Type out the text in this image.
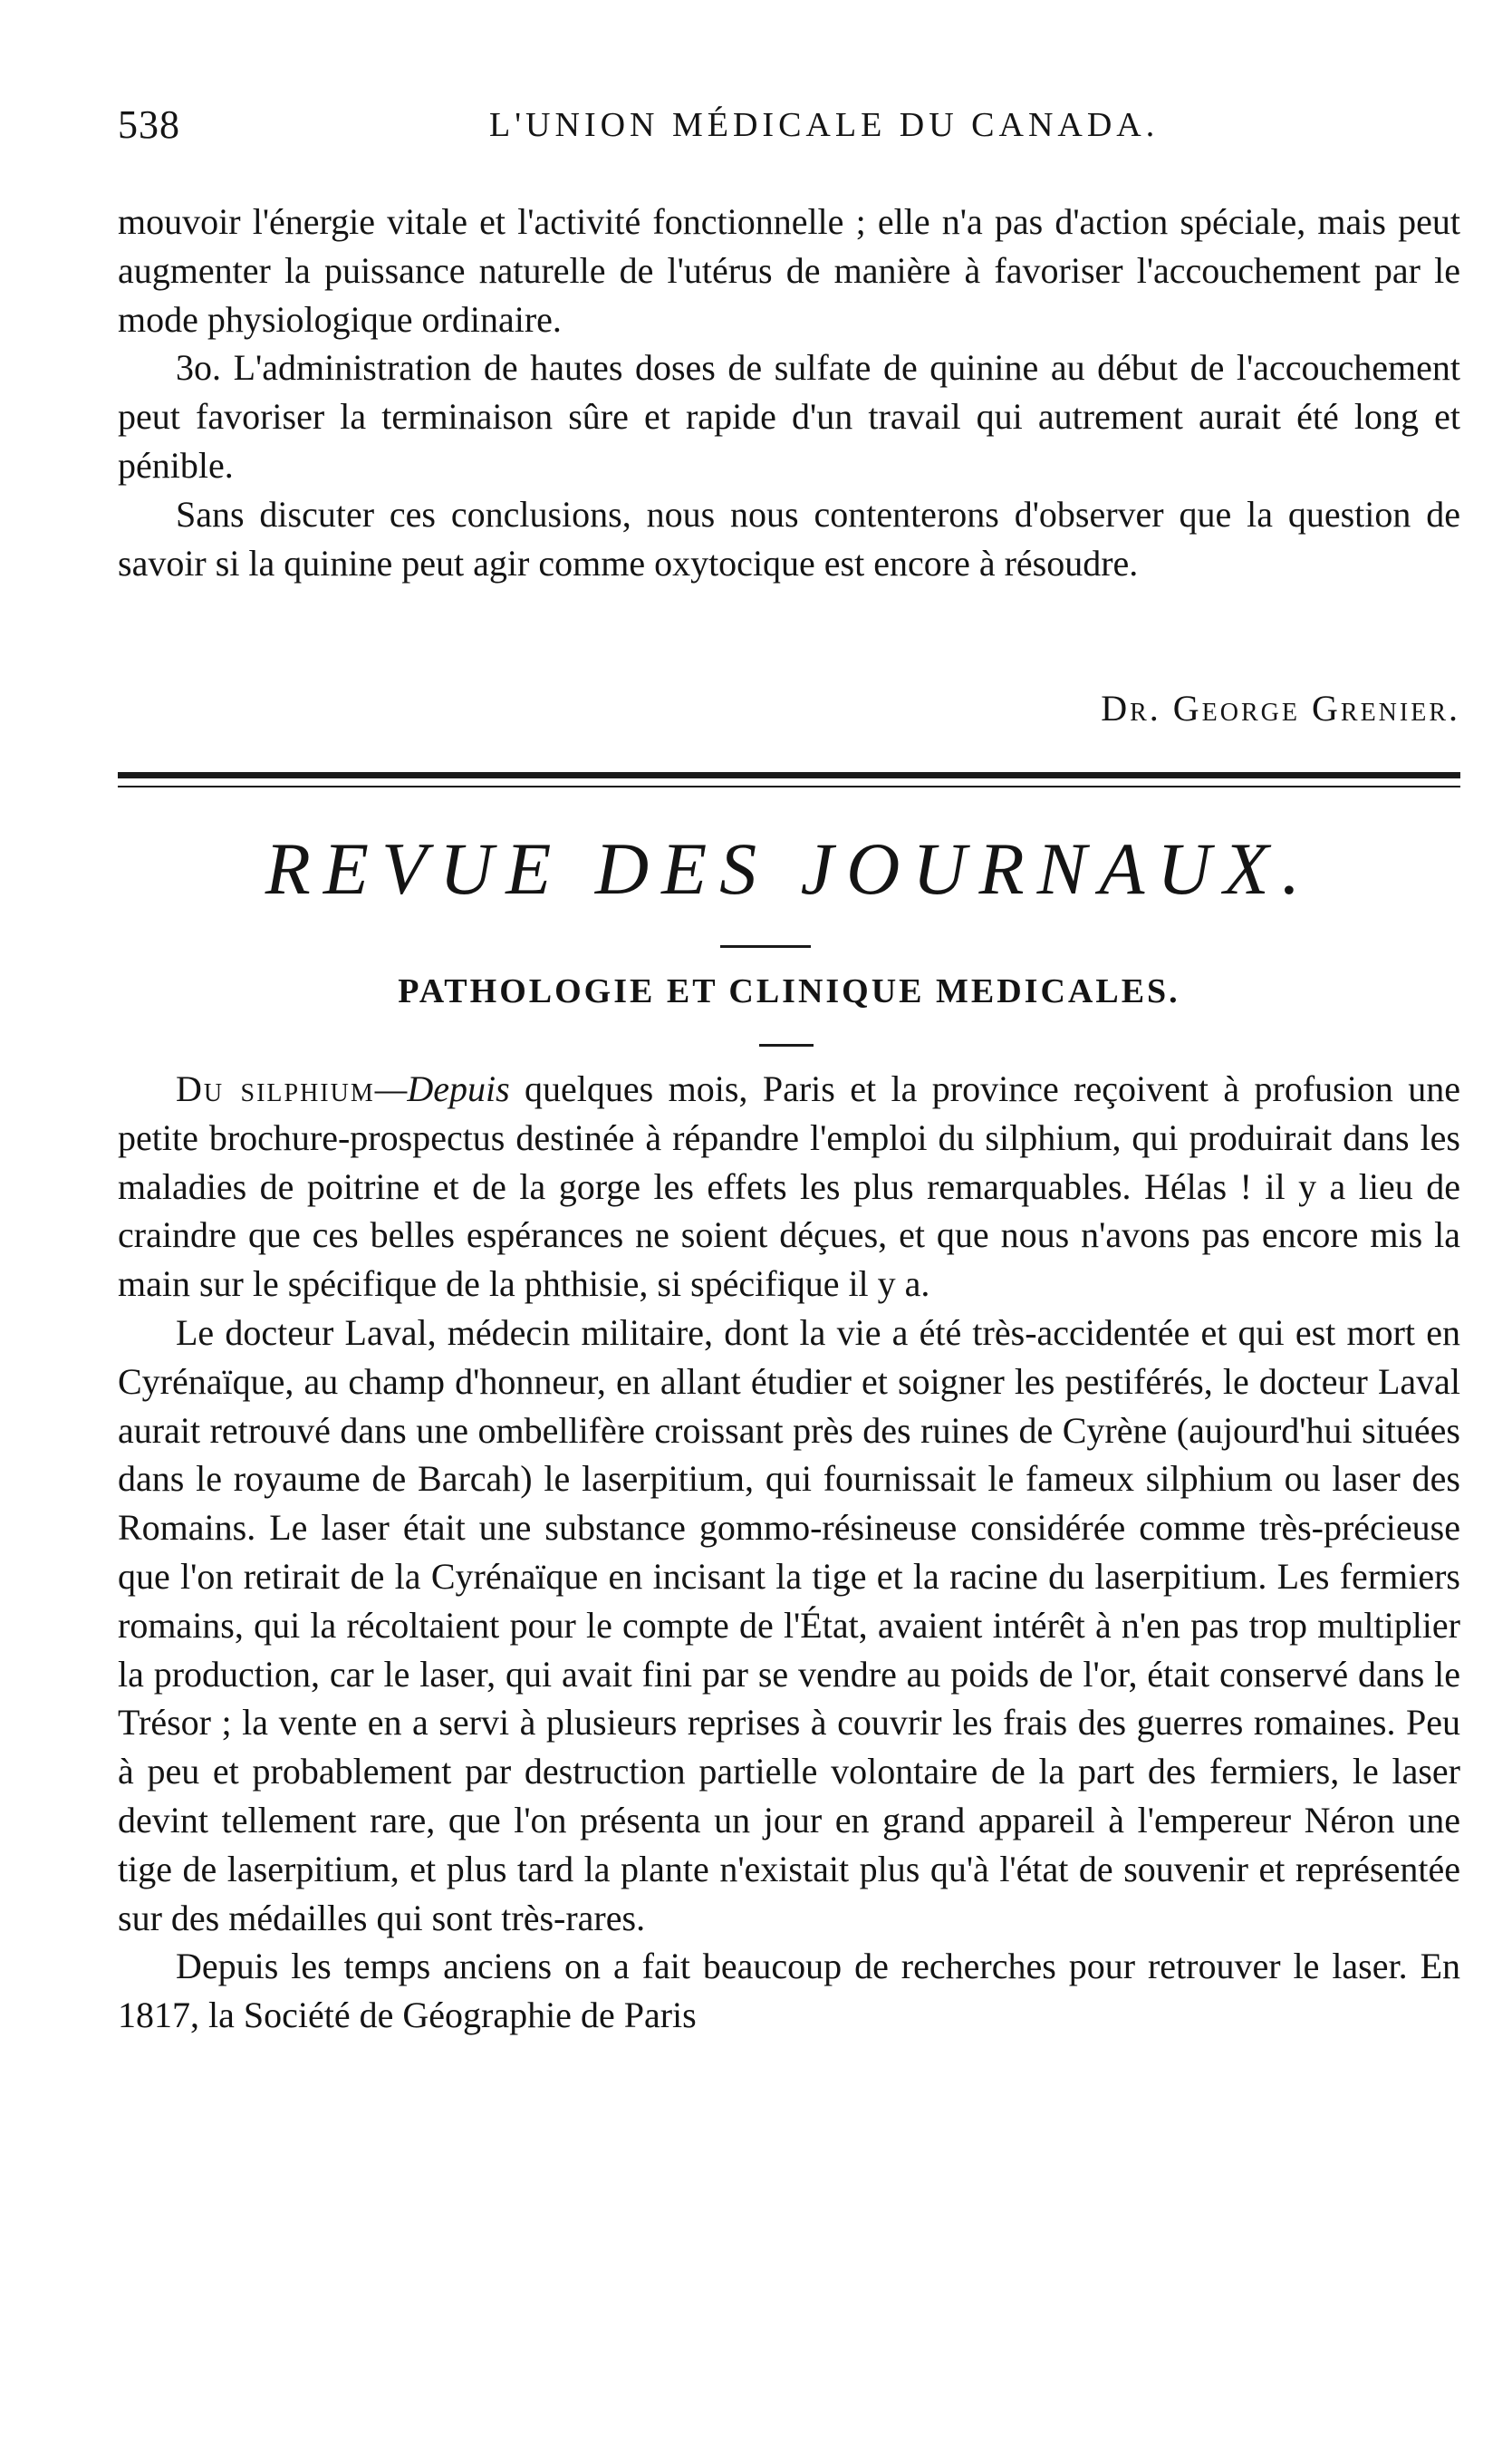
538	L'UNION MÉDICALE DU CANADA.

mouvoir l'énergie vitale et l'activité fonctionnelle ; elle n'a pas d'action spéciale, mais peut augmenter la puissance naturelle de l'utérus de manière à favoriser l'accouchement par le mode physiologique ordinaire.

3o. L'administration de hautes doses de sulfate de quinine au début de l'accouchement peut favoriser la terminaison sûre et rapide d'un travail qui autrement aurait été long et pénible.

Sans discuter ces conclusions, nous nous contenterons d'observer que la question de savoir si la quinine peut agir comme oxytocique est encore à résoudre.

Dr. George Grenier.
REVUE DES JOURNAUX.
PATHOLOGIE ET CLINIQUE MEDICALES.

Du silphium—Depuis quelques mois, Paris et la province reçoivent à profusion une petite brochure-prospectus destinée à répandre l'emploi du silphium, qui produirait dans les maladies de poitrine et de la gorge les effets les plus remarquables. Hélas ! il y a lieu de craindre que ces belles espérances ne soient déçues, et que nous n'avons pas encore mis la main sur le spécifique de la phthisie, si spécifique il y a.

Le docteur Laval, médecin militaire, dont la vie a été très-accidentée et qui est mort en Cyrénaïque, au champ d'honneur, en allant étudier et soigner les pestiférés, le docteur Laval aurait retrouvé dans une ombellifère croissant près des ruines de Cyrène (aujourd'hui situées dans le royaume de Barcah) le laserpitium, qui fournissait le fameux silphium ou laser des Romains. Le laser était une substance gommo-résineuse considérée comme très-précieuse que l'on retirait de la Cyrénaïque en incisant la tige et la racine du laserpitium. Les fermiers romains, qui la récoltaient pour le compte de l'État, avaient intérêt à n'en pas trop multiplier la production, car le laser, qui avait fini par se vendre au poids de l'or, était conservé dans le Trésor ; la vente en a servi à plusieurs reprises à couvrir les frais des guerres romaines. Peu à peu et probablement par destruction partielle volontaire de la part des fermiers, le laser devint tellement rare, que l'on présenta un jour en grand appareil à l'empereur Néron une tige de laserpitium, et plus tard la plante n'existait plus qu'à l'état de souvenir et représentée sur des médailles qui sont très-rares.

Depuis les temps anciens on a fait beaucoup de recherches pour retrouver le laser. En 1817, la Société de Géographie de Paris
